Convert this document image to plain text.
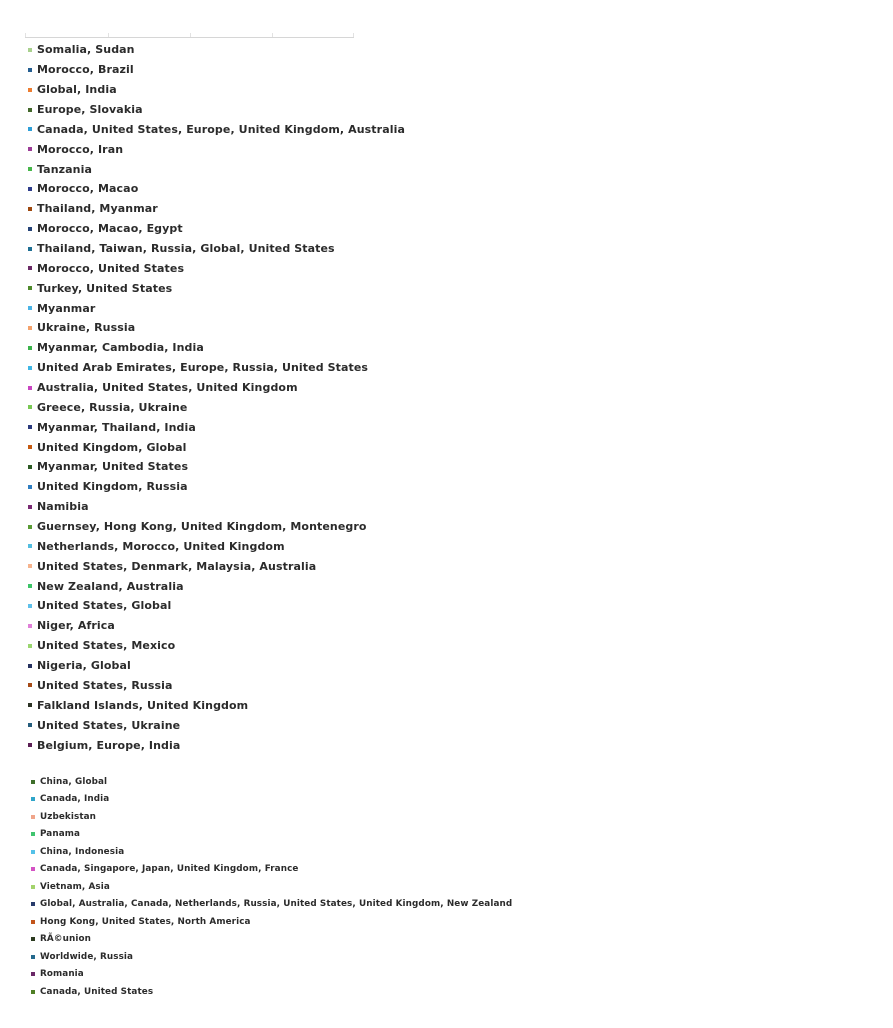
Somalia, Sudan
Morocco, Brazil
Global, India
Europe, Slovakia
Canada, United States, Europe, United Kingdom, Australia
Morocco, Iran
Tanzania
Morocco, Macao
Thailand, Myanmar
Morocco, Macao, Egypt
Thailand, Taiwan, Russia, Global, United States
Morocco, United States
Turkey, United States
Myanmar
Ukraine, Russia
Myanmar, Cambodia, India
United Arab Emirates, Europe, Russia, United States
Australia, United States, United Kingdom
Greece, Russia, Ukraine
Myanmar, Thailand, India
United Kingdom, Global
Myanmar, United States
United Kingdom, Russia
Namibia
Guernsey, Hong Kong, United Kingdom, Montenegro
Netherlands, Morocco, United Kingdom
United States, Denmark, Malaysia, Australia
New Zealand, Australia
United States, Global
Niger, Africa
United States, Mexico
Nigeria, Global
United States, Russia
Falkland Islands, United Kingdom
United States, Ukraine
Belgium, Europe, India
China, Global
Canada, India
Uzbekistan
Panama
China, Indonesia
Canada, Singapore, Japan, United Kingdom, France
Vietnam, Asia
Global, Australia, Canada, Netherlands, Russia, United States, United Kingdom, New Zealand
Hong Kong, United States, North America
RÃ©union
Worldwide, Russia
Romania
Canada, United States
